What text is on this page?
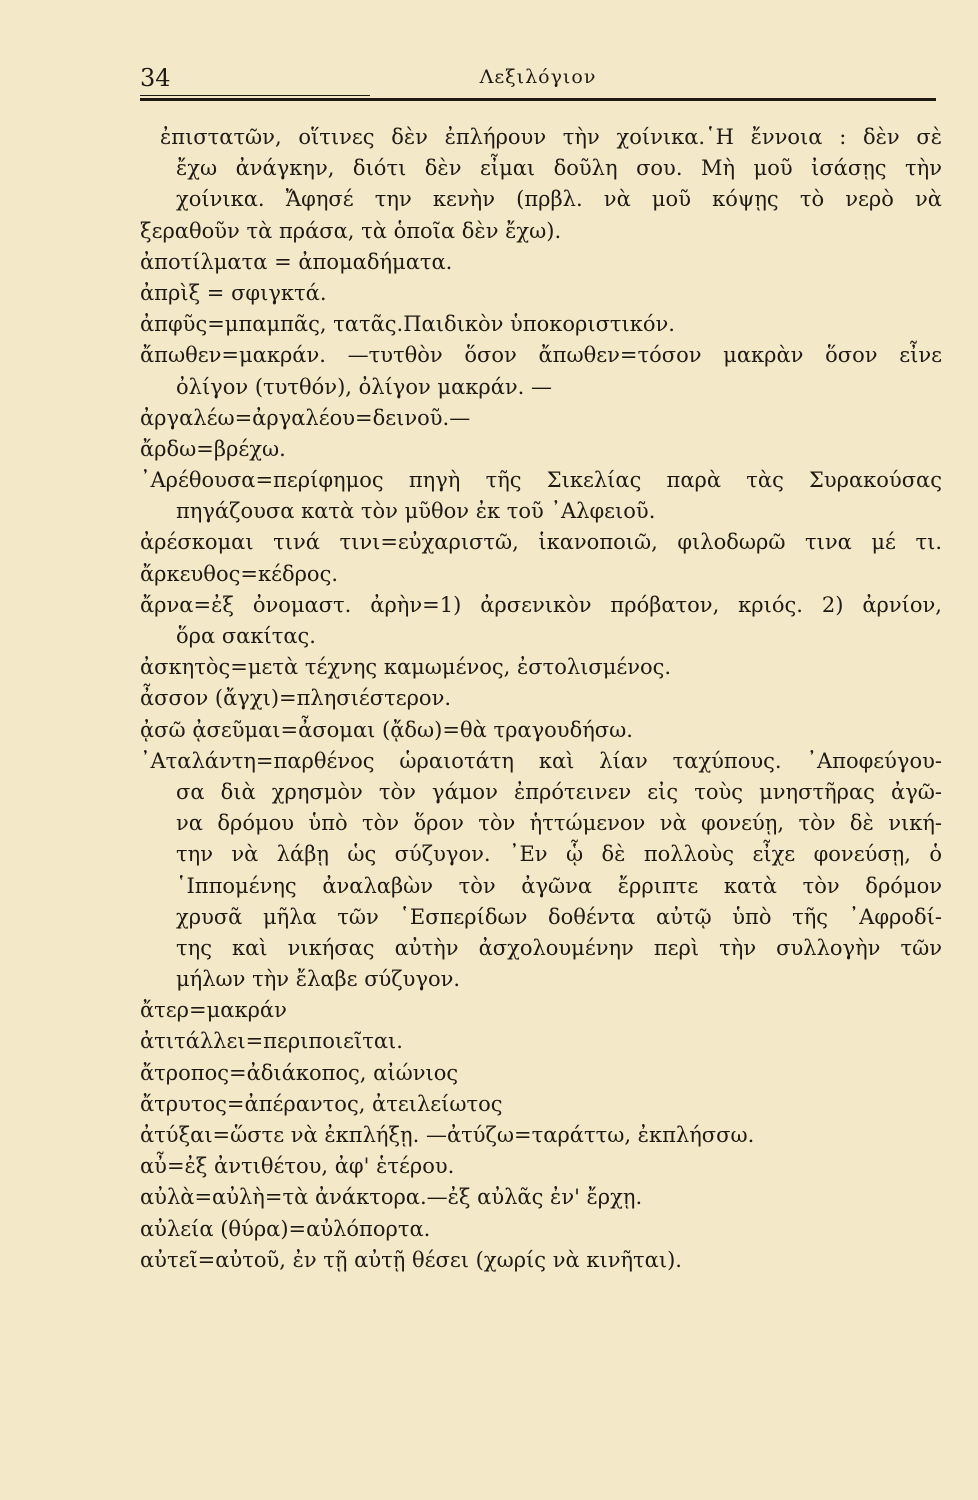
34	Λεξιλόγιον
ἐπιστατῶν, οἵτινες δὲν ἐπλήρουν τὴν χοίνικα.῾Η ἔννοια : δὲν σὲ
ἔχω ἀνάγκην, διότι δὲν εἶμαι δοῦλη σου. Μὴ μοῦ ἰσάσῃς τὴν
χοίνικα. Ἄφησέ την κενὴν (πρβλ. νὰ μοῦ κόψῃς τὸ νερὸ νὰ
ξεραθοῦν τὰ πράσα, τὰ ὁποῖα δὲν ἔχω).
ἀποτίλματα = ἀπομαδήματα.
ἀπρὶξ = σφιγκτά.
ἀπφῦς=μπαμπᾶς, τατᾶς.Παιδικὸν ὑποκοριστικόν.
ἄπωθεν=μακράν. —τυτθὸν ὅσον ἄπωθεν=τόσον μακρὰν ὅσον εἶνε
ὀλίγον (τυτθόν), ὀλίγον μακράν. —
ἀργαλέω=ἀργαλέου=δεινοῦ.—
ἄρδω=βρέχω.
᾿Αρέθουσα=περίφημος πηγὴ τῆς Σικελίας παρὰ τὰς Συρακούσας
πηγάζουσα κατὰ τὸν μῦθον ἐκ τοῦ ᾿Αλφειοῦ.
ἀρέσκομαι τινά τινι=εὐχαριστῶ, ἱκανοποιῶ, φιλοδωρῶ τινα μέ τι.
ἄρκευθος=κέδρος.
ἄρνα=ἐξ ὀνομαστ. ἀρὴν=1) ἀρσενικὸν πρόβατον, κριός. 2) ἀρνίον,
ὅρα σακίτας.
ἀσκητὸς=μετὰ τέχνης καμωμένος, ἐστολισμένος.
ἆσσον (ἄγχι)=πλησιέστερον.
ᾀσῶ ᾀσεῦμαι=ἆσομαι (ᾄδω)=θὰ τραγουδήσω.
᾿Αταλάντη=παρθένος ὡραιοτάτη καὶ λίαν ταχύπους. ᾿Αποφεύγου-
σα διὰ χρησμὸν τὸν γάμον ἐπρότεινεν εἰς τοὺς μνηστῆρας ἀγῶ-
να δρόμου ὑπὸ τὸν ὅρον τὸν ἡττώμενον νὰ φονεύῃ, τὸν δὲ νική-
την νὰ λάβῃ ὡς σύζυγον. ᾿Εν ᾧ δὲ πολλοὺς εἶχε φονεύσῃ, ὁ
῾Ιππομένης ἀναλαβὼν τὸν ἀγῶνα ἔρριπτε κατὰ τὸν δρόμον
χρυσᾶ μῆλα τῶν ῾Εσπερίδων δοθέντα αὐτῷ ὑπὸ τῆς ᾿Αφροδί-
της καὶ νικήσας αὐτὴν ἀσχολουμένην περὶ τὴν συλλογὴν τῶν
μήλων τὴν ἔλαβε σύζυγον.
ἄτερ=μακράν
ἀτιτάλλει=περιποιεῖται.
ἄτροπος=ἀδιάκοπος, αἰώνιος
ἄτρυτος=ἀπέραντος, ἀτειλείωτος
ἀτύξαι=ὥστε νὰ ἐκπλήξῃ. —ἀτύζω=ταράττω, ἐκπλήσσω.
αὖ=ἐξ ἀντιθέτου, ἀφ' ἑτέρου.
αὐλὰ=αὐλὴ=τὰ ἀνάκτορα.—ἐξ αὐλᾶς ἐν' ἔρχῃ.
αὐλεία (θύρα)=αὐλόπορτα.
αὐτεῖ=αὐτοῦ, ἐν τῇ αὐτῇ θέσει (χωρίς νὰ κινῆται).
